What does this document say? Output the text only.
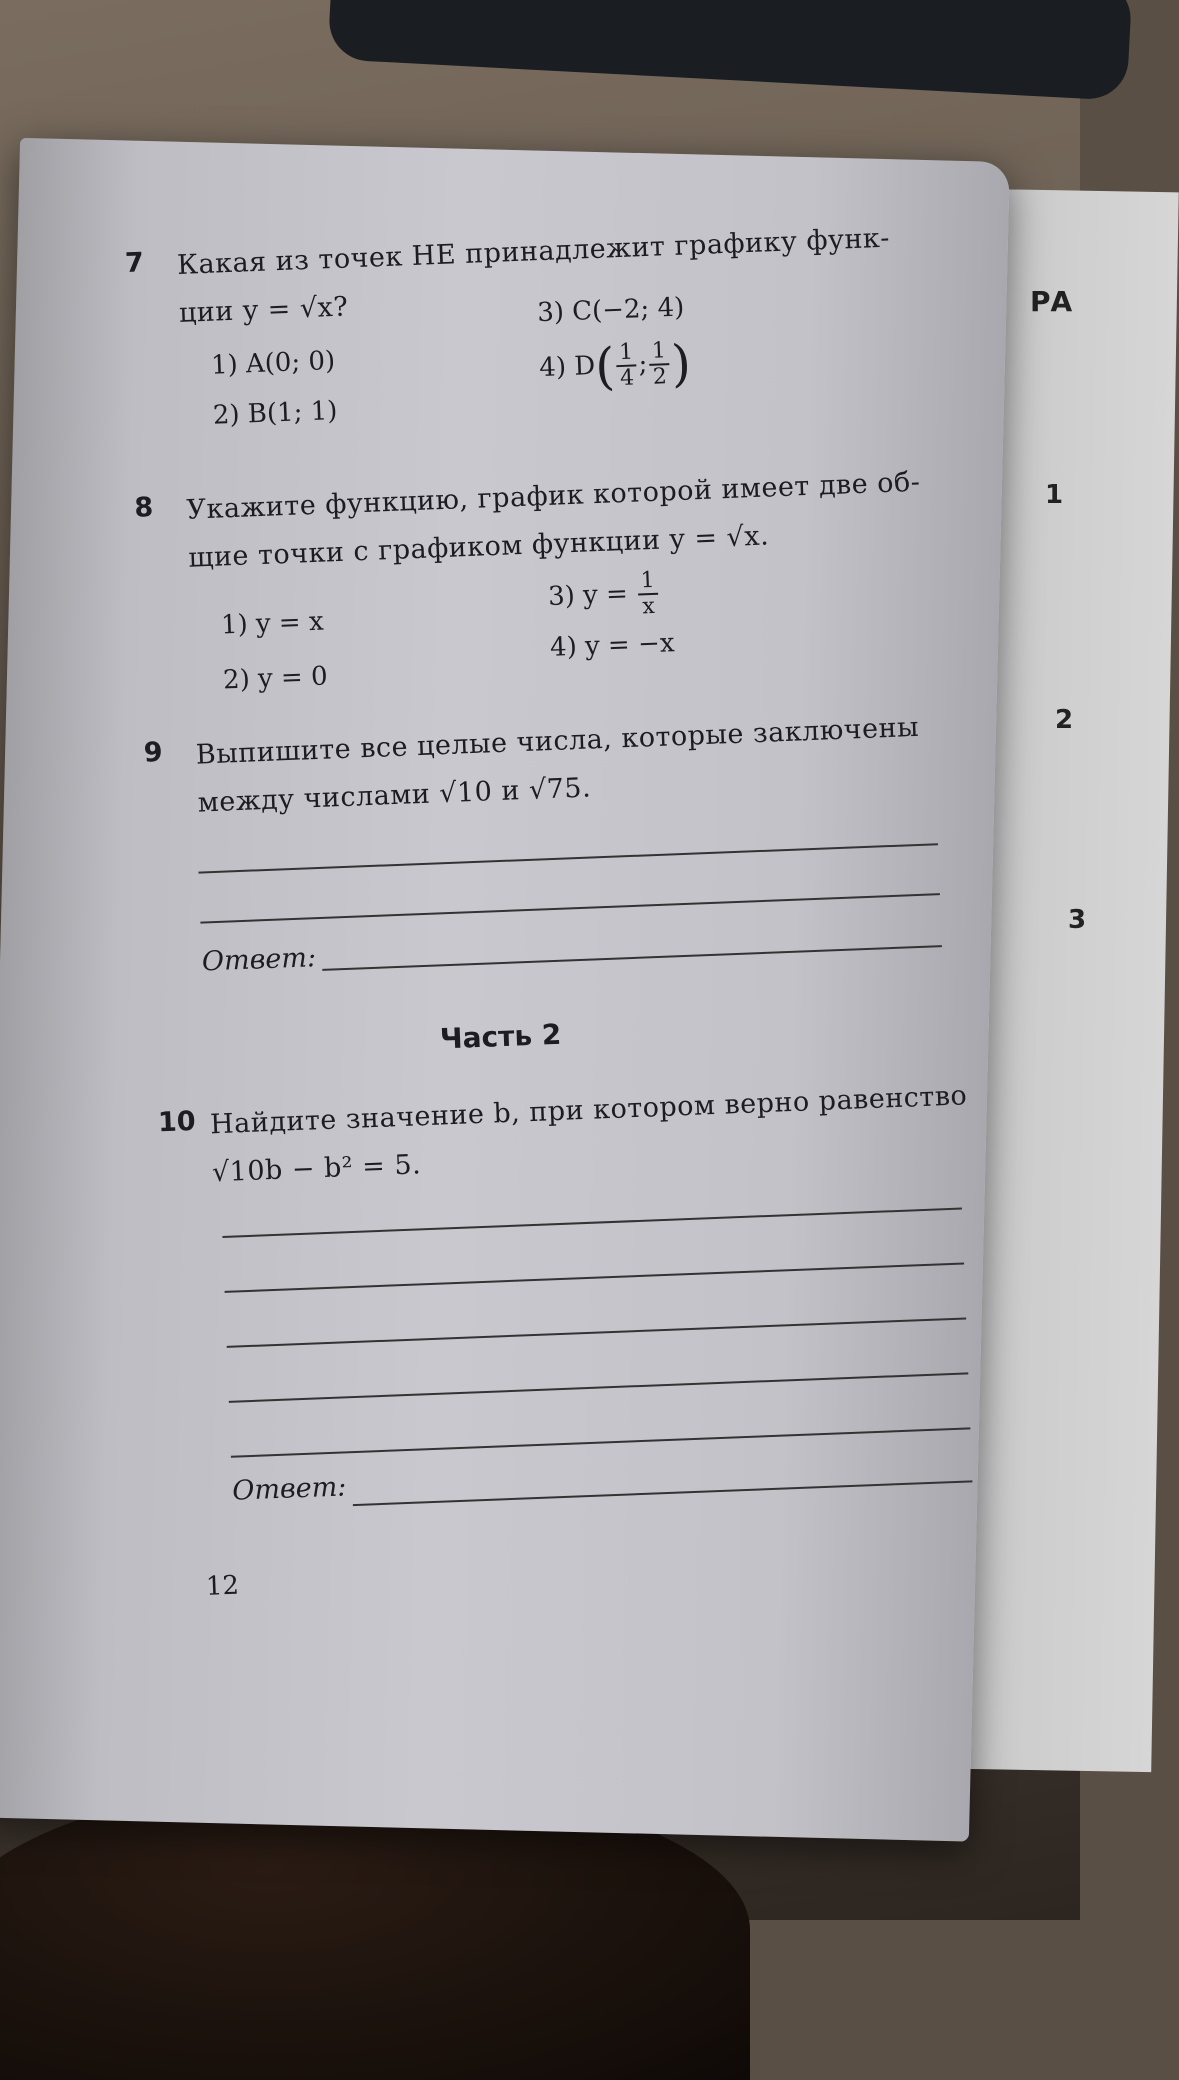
РА
1
2
3
7 Какая из точек НЕ принадлежит графику функ-
ции y = √x?
1) A(0; 0)
2) B(1; 1)
3) C(−2; 4)
4) $D( \frac{1}{4}$ ; $\frac{1}{2}$ )
8 Укажите функцию, график которой имеет две об-
щие точки с графиком функции y = √x.
1) y = x
2) y = 0
3) $y = \frac{1}{x}$
4) y = −x
9 Выпишите все целые числа, которые заключены
между числами √10 и √75.
Ответ:
Часть 2
10 Найдите значение b, при котором верно равенство
√10b − b² = 5.
Ответ:
12
